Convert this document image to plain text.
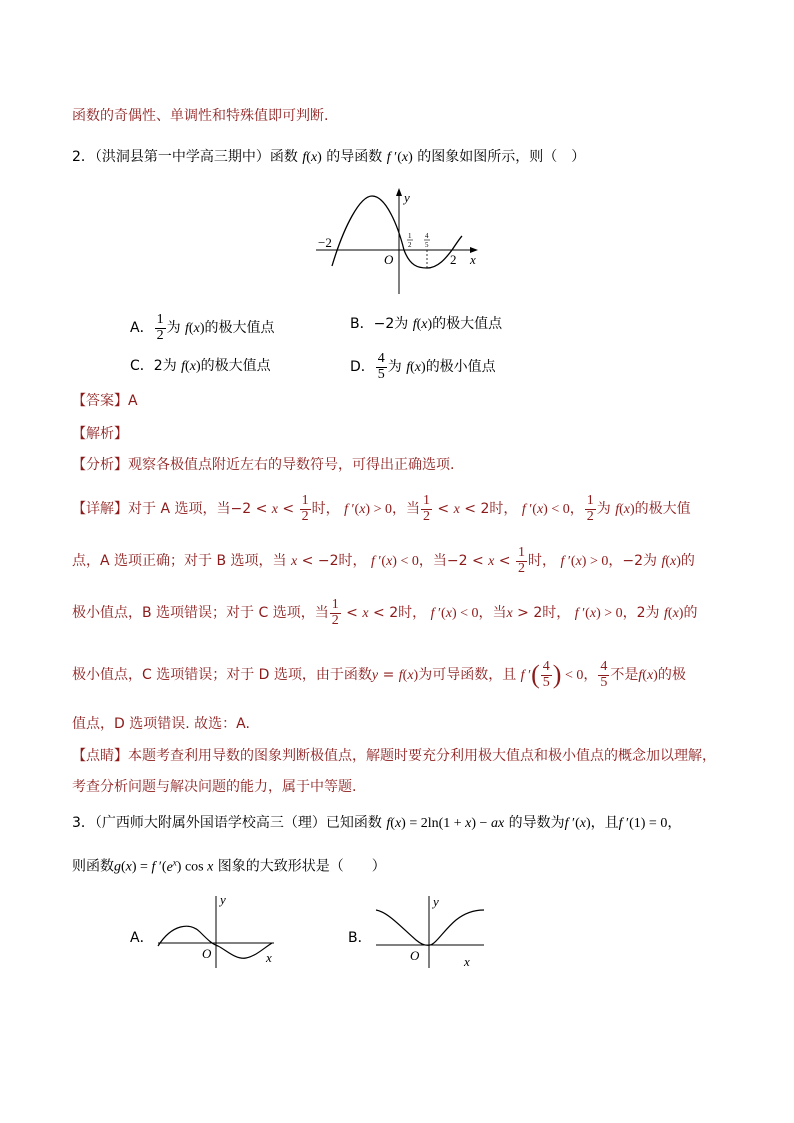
函数的奇偶性、单调性和特殊值即可判断.
2．（洪洞县第一中学高三期中）函数 f(x) 的导函数 f ′(x) 的图象如图所示，则（　）
y
x
O
−2
2
1
2
4
5
A． $\frac{1}{2}$ 为 f(x)的极大值点	B．−2为 f(x)的极大值点
C．2为 f(x)的极大值点	D． $\frac{4}{5}$ 为 f(x)的极小值点
【答案】A
【解析】
【分析】观察各极值点附近左右的导数符号，可得出正确选项.
【详解】对于 A 选项，当$-2 < x < \frac{1}{2}$ 时， f ′(x) > 0，当 $\frac{1}{2} < x < 2$时， f ′(x) < 0， $\frac{1}{2}$ 为 f(x)的极大值
点，A 选项正确；对于 B 选项，当 x < −2时， f ′(x) < 0，当$-2 < x < \frac{1}{2}$ 时， f ′(x) > 0，−2为 f(x)的
极小值点，B 选项错误；对于 C 选项，当 $\frac{1}{2} < x < 2$时， f ′(x) < 0，当x > 2时， f ′(x) > 0，2为 f(x)的
极小值点，C 选项错误；对于 D 选项，由于函数y = f(x)为可导函数，且 f ′( $\frac{4}{5}$ ) < 0， $\frac{4}{5}$ 不是f(x)的极
值点，D 选项错误. 故选：A.
【点睛】本题考查利用导数的图象判断极值点，解题时要充分利用极大值点和极小值点的概念加以理解，
考查分析问题与解决问题的能力，属于中等题.
3．（广西师大附属外国语学校高三（理）已知函数 f(x) = 2ln(1 + x) − ax 的导数为f ′(x)，且f ′(1) = 0，
则函数g(x) = f $'(e^x)$ cos x 图象的大致形状是（　　）
A．
y
O	x
B．
y
O	x
